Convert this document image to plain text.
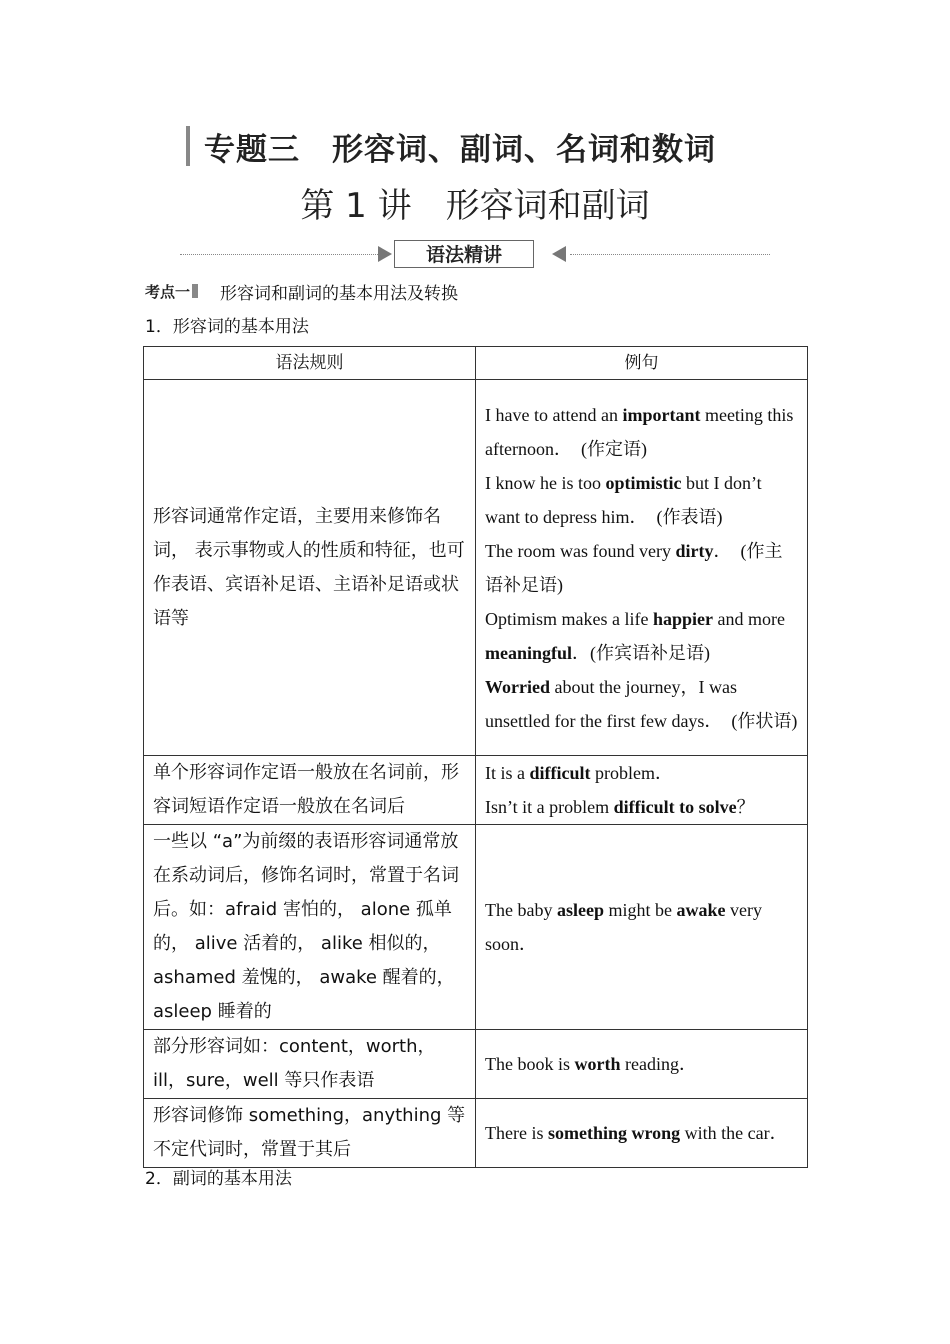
专题三　形容词、副词、名词和数词
第 1 讲　形容词和副词
语法精讲
考点一 形容词和副词的基本用法及转换
1．形容词的基本用法
语法规则	例句
形容词通常作定语，主要用来修饰名词， 表示事物或人的性质和特征，也可作表语、宾语补足语、主语补足语或状语等	I have to attend an important meeting this afternoon．  (作定语)
I know he is too optimistic but I don’t want to depress him．  (作表语)
The room was found very dirty．  (作主语补足语)
Optimism makes a life happier and more meaningful．(作宾语补足语)
Worried about the journey，I was unsettled for the first few days．  (作状语)

单个形容词作定语一般放在名词前，形容词短语作定语一般放在名词后	It is a difficult problem．
Isn’t it a problem difficult to solve？

一些以 “a”为前缀的表语形容词通常放在系动词后，修饰名词时，常置于名词后。如：afraid 害怕的， alone 孤单的， alive 活着的， alike 相似的， ashamed 羞愧的， awake 醒着的，asleep 睡着的	The baby asleep might be awake very soon．

部分形容词如：content，worth，ill，sure，well 等只作表语	The book is worth reading．

形容词修饰 something，anything 等不定代词时，常置于其后	There is something wrong with the car．
2．副词的基本用法
